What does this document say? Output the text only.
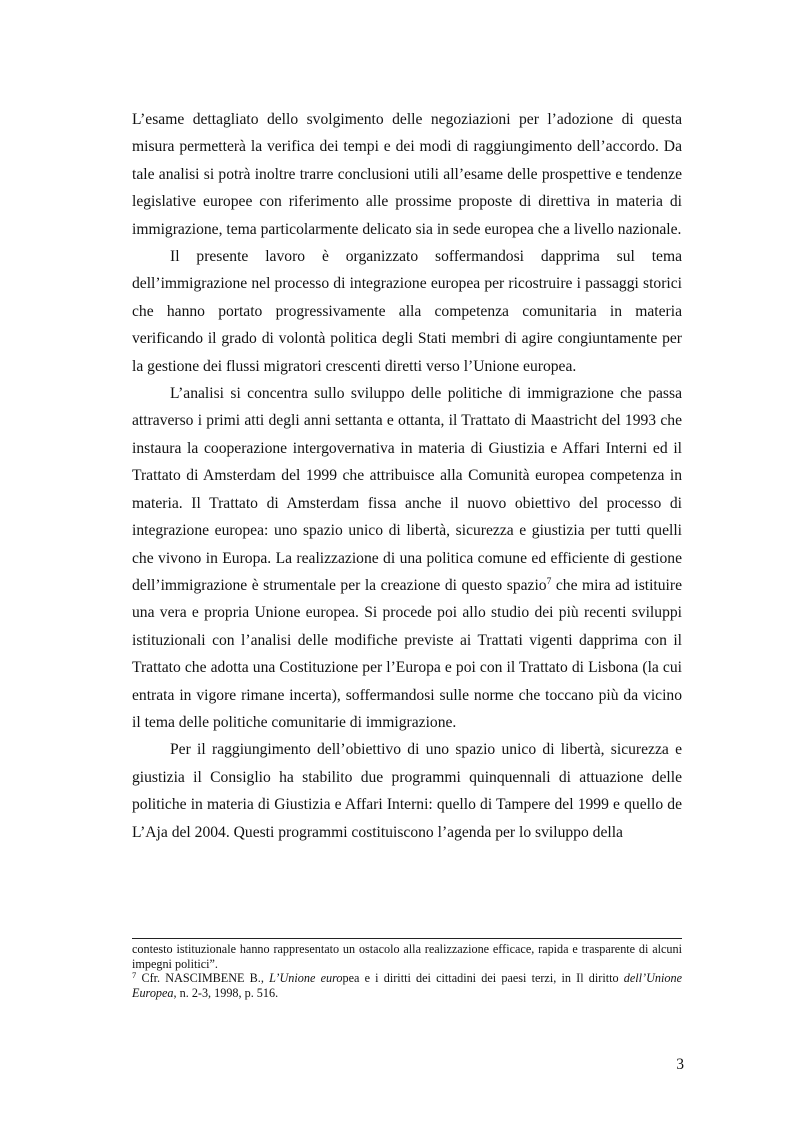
L’esame dettagliato dello svolgimento delle negoziazioni per l’adozione di questa misura permetterà la verifica dei tempi e dei modi di raggiungimento dell’accordo. Da tale analisi si potrà inoltre trarre conclusioni utili all’esame delle prospettive e tendenze legislative europee con riferimento alle prossime proposte di direttiva in materia di immigrazione, tema particolarmente delicato sia in sede europea che a livello nazionale.

Il presente lavoro è organizzato soffermandosi dapprima sul tema dell’immigrazione nel processo di integrazione europea per ricostruire i passaggi storici che hanno portato progressivamente alla competenza comunitaria in materia verificando il grado di volontà politica degli Stati membri di agire congiuntamente per la gestione dei flussi migratori crescenti diretti verso l’Unione europea.

L’analisi si concentra sullo sviluppo delle politiche di immigrazione che passa attraverso i primi atti degli anni settanta e ottanta, il Trattato di Maastricht del 1993 che instaura la cooperazione intergovernativa in materia di Giustizia e Affari Interni ed il Trattato di Amsterdam del 1999 che attribuisce alla Comunità europea competenza in materia. Il Trattato di Amsterdam fissa anche il nuovo obiettivo del processo di integrazione europea: uno spazio unico di libertà, sicurezza e giustizia per tutti quelli che vivono in Europa. La realizzazione di una politica comune ed efficiente di gestione dell’immigrazione è strumentale per la creazione di questo spazio$^7$ che mira ad istituire una vera e propria Unione europea. Si procede poi allo studio dei più recenti sviluppi istituzionali con l’analisi delle modifiche previste ai Trattati vigenti dapprima con il Trattato che adotta una Costituzione per l’Europa e poi con il Trattato di Lisbona (la cui entrata in vigore rimane incerta), soffermandosi sulle norme che toccano più da vicino il tema delle politiche comunitarie di immigrazione.

Per il raggiungimento dell’obiettivo di uno spazio unico di libertà, sicurezza e giustizia il Consiglio ha stabilito due programmi quinquennali di attuazione delle politiche in materia di Giustizia e Affari Interni: quello di Tampere del 1999 e quello de L’Aja del 2004. Questi programmi costituiscono l’agenda per lo sviluppo della

contesto istituzionale hanno rappresentato un ostacolo alla realizzazione efficace, rapida e trasparente di alcuni impegni politici”.

$^7$ Cfr. NASCIMBENE B., L’Unione europea e i diritti dei cittadini dei paesi terzi, in Il diritto dell’Unione Europea, n. 2-3, 1998, p. 516.

3
